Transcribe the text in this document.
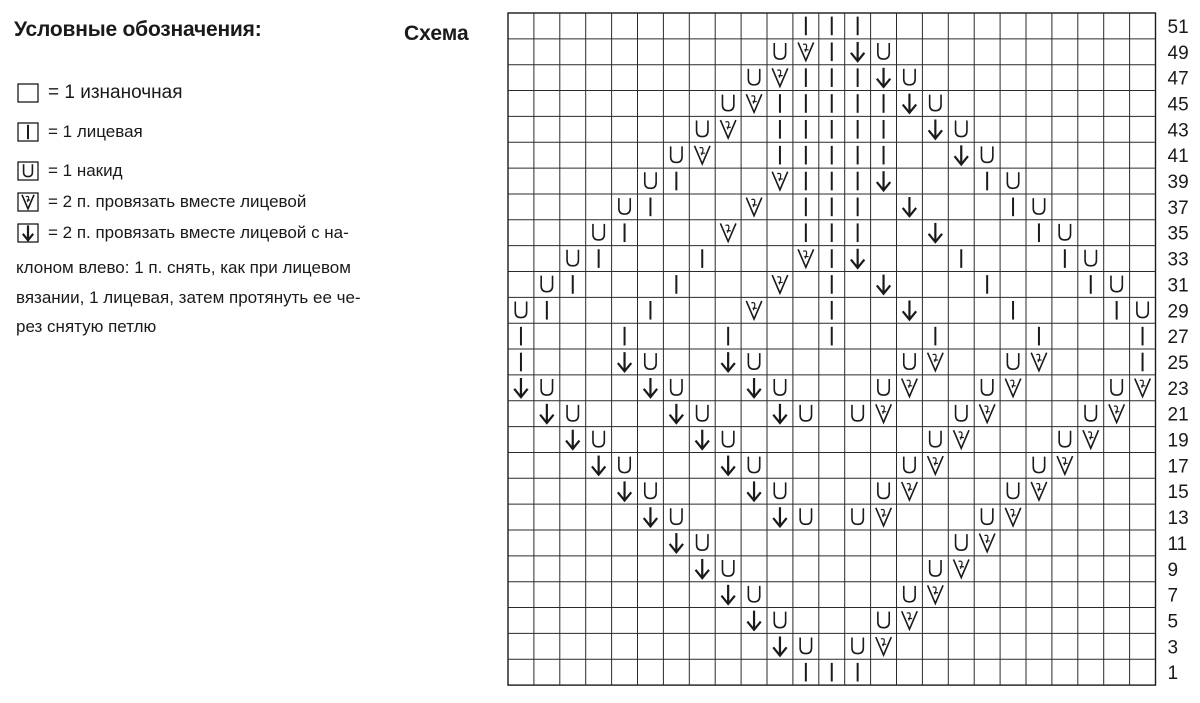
Условные обозначения:	Схема
= 1 изнаночная
= 1 лицевая
= 1 накид
= 2 п. провязать вместе лицевой
= 2 п. провязать вместе лицевой с на-
клоном влево: 1 п. снять, как при лицевом
вязании, 1 лицевая, затем протянуть ее че-
рез снятую петлю
51
49
47
45
43
41
39
37
35
33
31
29
27
25
23
21
19
17
15
13
11
9
7
5
3
1
